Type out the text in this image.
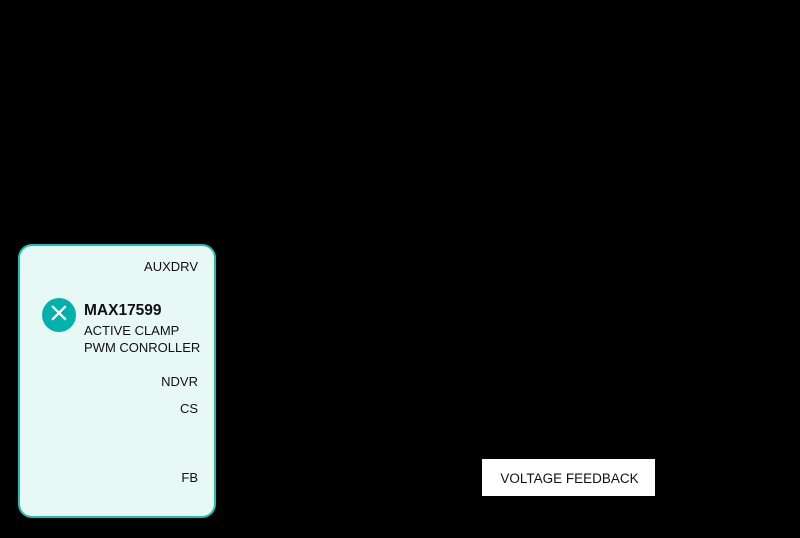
⨉	MAX17599
ACTIVE CLAMP
PWM CONROLLER
AUXDRV
NDVR
CS
FB	VOLTAGE FEEDBACK
